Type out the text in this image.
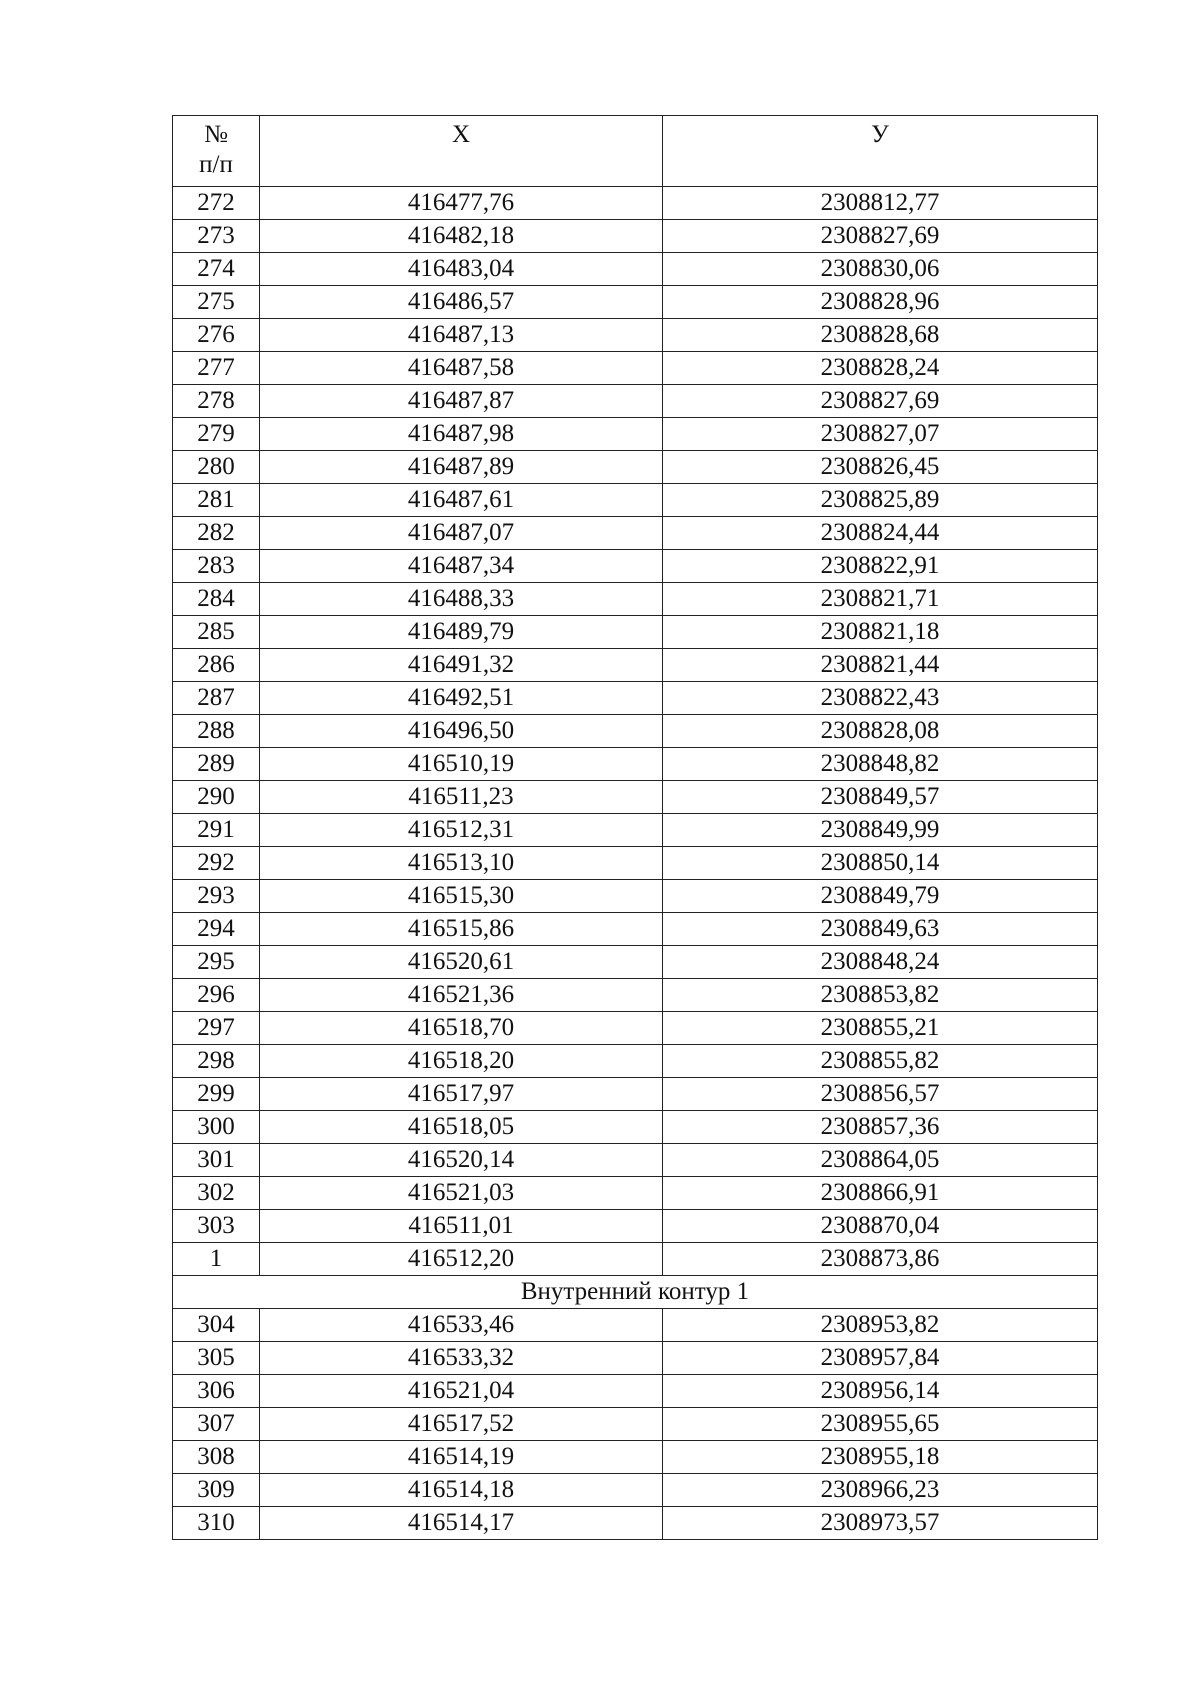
№
п/п	X	У
272	416477,76	2308812,77
273	416482,18	2308827,69
274	416483,04	2308830,06
275	416486,57	2308828,96
276	416487,13	2308828,68
277	416487,58	2308828,24
278	416487,87	2308827,69
279	416487,98	2308827,07
280	416487,89	2308826,45
281	416487,61	2308825,89
282	416487,07	2308824,44
283	416487,34	2308822,91
284	416488,33	2308821,71
285	416489,79	2308821,18
286	416491,32	2308821,44
287	416492,51	2308822,43
288	416496,50	2308828,08
289	416510,19	2308848,82
290	416511,23	2308849,57
291	416512,31	2308849,99
292	416513,10	2308850,14
293	416515,30	2308849,79
294	416515,86	2308849,63
295	416520,61	2308848,24
296	416521,36	2308853,82
297	416518,70	2308855,21
298	416518,20	2308855,82
299	416517,97	2308856,57
300	416518,05	2308857,36
301	416520,14	2308864,05
302	416521,03	2308866,91
303	416511,01	2308870,04
1	416512,20	2308873,86
Внутренний контур 1		
304	416533,46	2308953,82
305	416533,32	2308957,84
306	416521,04	2308956,14
307	416517,52	2308955,65
308	416514,19	2308955,18
309	416514,18	2308966,23
310	416514,17	2308973,57
